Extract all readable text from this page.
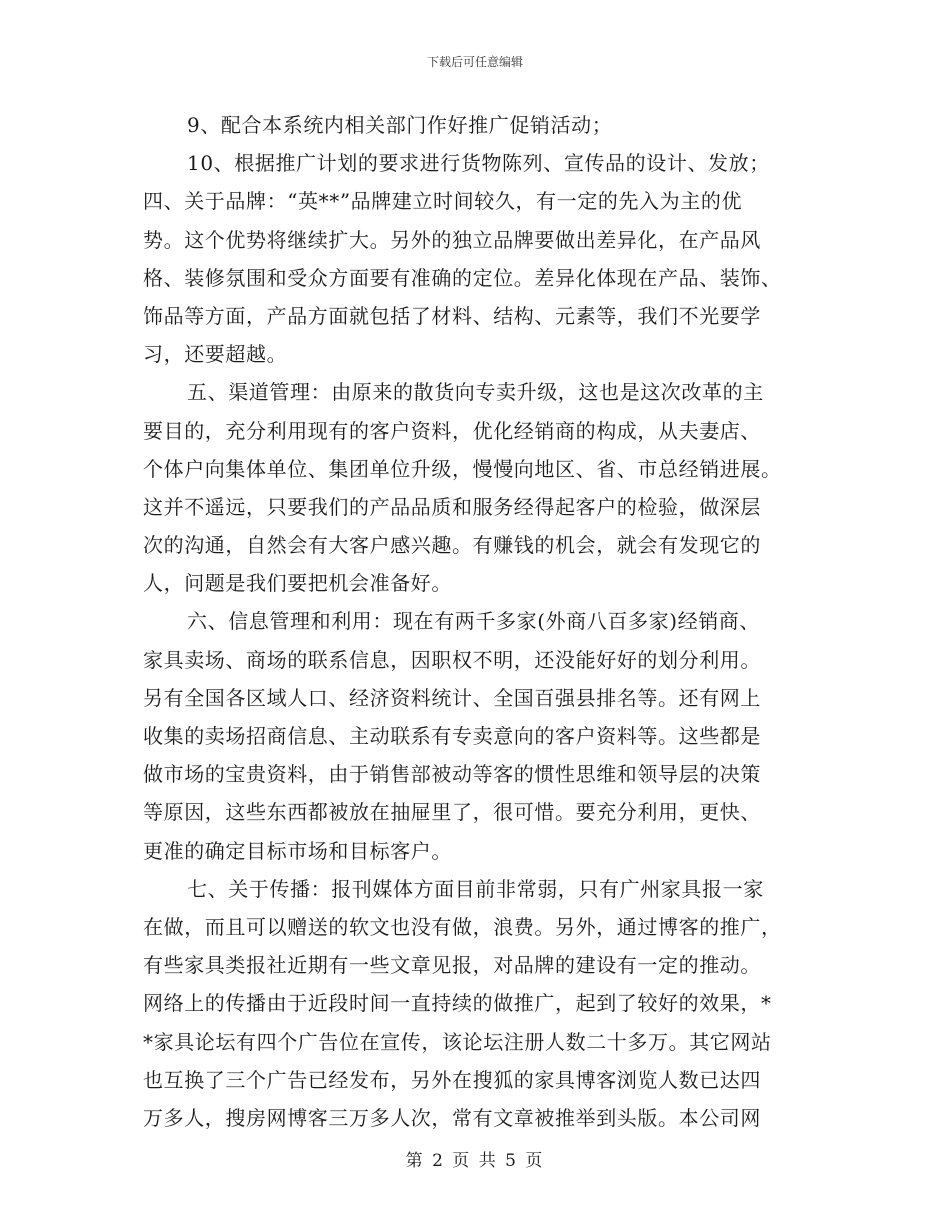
下载后可任意编辑
9、配合本系统内相关部门作好推广促销活动；
10、根据推广计划的要求进行货物陈列、宣传品的设计、发放；
四、关于品牌：“英**”品牌建立时间较久，有一定的先入为主的优
势。这个优势将继续扩大。另外的独立品牌要做出差异化，在产品风
格、装修氛围和受众方面要有准确的定位。差异化体现在产品、装饰、
饰品等方面，产品方面就包括了材料、结构、元素等，我们不光要学
习，还要超越。
五、渠道管理：由原来的散货向专卖升级，这也是这次改革的主
要目的，充分利用现有的客户资料，优化经销商的构成，从夫妻店、
个体户向集体单位、集团单位升级，慢慢向地区、省、市总经销进展。
这并不遥远，只要我们的产品品质和服务经得起客户的检验，做深层
次的沟通，自然会有大客户感兴趣。有赚钱的机会，就会有发现它的
人，问题是我们要把机会准备好。
六、信息管理和利用：现在有两千多家(外商八百多家)经销商、
家具卖场、商场的联系信息，因职权不明，还没能好好的划分利用。
另有全国各区域人口、经济资料统计、全国百强县排名等。还有网上
收集的卖场招商信息、主动联系有专卖意向的客户资料等。这些都是
做市场的宝贵资料，由于销售部被动等客的惯性思维和领导层的决策
等原因，这些东西都被放在抽屉里了，很可惜。要充分利用，更快、
更准的确定目标市场和目标客户。
七、关于传播：报刊媒体方面目前非常弱，只有广州家具报一家
在做，而且可以赠送的软文也没有做，浪费。另外，通过博客的推广，
有些家具类报社近期有一些文章见报，对品牌的建设有一定的推动。
网络上的传播由于近段时间一直持续的做推广，起到了较好的效果，*
*家具论坛有四个广告位在宣传，该论坛注册人数二十多万。其它网站
也互换了三个广告已经发布，另外在搜狐的家具博客浏览人数已达四
万多人，搜房网博客三万多人次，常有文章被推举到头版。本公司网
第 2 页 共 5 页
